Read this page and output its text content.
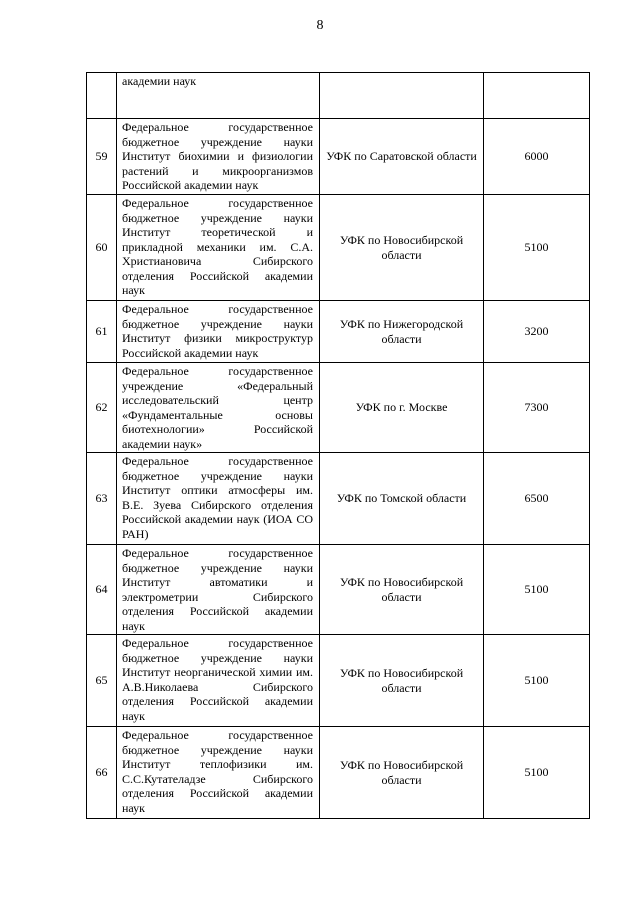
8

	академии наук		

59	Федеральное государственное бюджетное учреждение науки Институт биохимии и физиологии растений и микроорганизмов Российской академии наук	УФК по Саратовской области	6000
60	Федеральное государственное бюджетное учреждение науки Институт теоретической и прикладной механики им. С.А. Христиановича Сибирского отделения Российской академии наук	УФК по Новосибирской области	5100
61	Федеральное государственное бюджетное учреждение науки Институт физики микроструктур Российской академии наук	УФК по Нижегородской области	3200
62	Федеральное государственное учреждение «Федеральный исследовательский центр «Фундаментальные основы биотехнологии» Российской академии наук»	УФК по г. Москве	7300
63	Федеральное государственное бюджетное учреждение науки Институт оптики атмосферы им. В.Е. Зуева Сибирского отделения Российской академии наук (ИОА СО РАН)	УФК по Томской области	6500
64	Федеральное государственное бюджетное учреждение науки Институт автоматики и электрометрии Сибирского отделения Российской академии наук	УФК по Новосибирской области	5100
65	Федеральное государственное бюджетное учреждение науки Институт неорганической химии им. А.В.Николаева Сибирского отделения Российской академии наук	УФК по Новосибирской области	5100
66	Федеральное государственное бюджетное учреждение науки Институт теплофизики им. С.С.Кутателадзе Сибирского отделения Российской академии наук	УФК по Новосибирской области	5100
